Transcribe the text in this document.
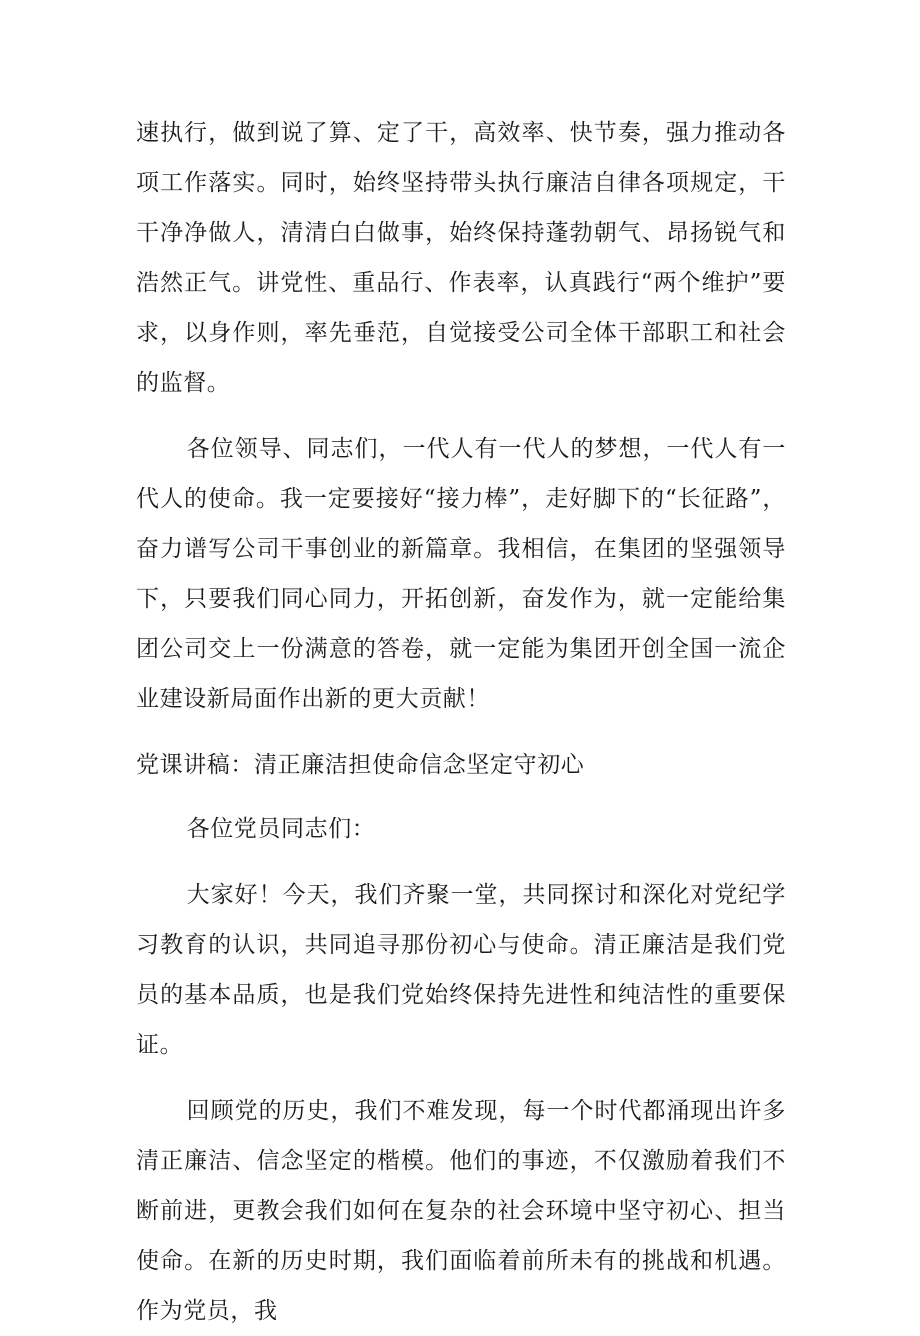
速执行，做到说了算、定了干，高效率、快节奏，强力推动各项工作落实。同时，始终坚持带头执行廉洁自律各项规定，干干净净做人，清清白白做事，始终保持蓬勃朝气、昂扬锐气和浩然正气。讲党性、重品行、作表率，认真践行“两个维护”要求，以身作则，率先垂范，自觉接受公司全体干部职工和社会的监督。

各位领导、同志们，一代人有一代人的梦想，一代人有一代人的使命。我一定要接好“接力棒”，走好脚下的“长征路”，奋力谱写公司干事创业的新篇章。我相信，在集团的坚强领导下，只要我们同心同力，开拓创新，奋发作为，就一定能给集团公司交上一份满意的答卷，就一定能为集团开创全国一流企业建设新局面作出新的更大贡献！

党课讲稿：清正廉洁担使命信念坚定守初心

各位党员同志们：

大家好！今天，我们齐聚一堂，共同探讨和深化对党纪学习教育的认识，共同追寻那份初心与使命。清正廉洁是我们党员的基本品质，也是我们党始终保持先进性和纯洁性的重要保证。

回顾党的历史，我们不难发现，每一个时代都涌现出许多清正廉洁、信念坚定的楷模。他们的事迹，不仅激励着我们不断前进，更教会我们如何在复杂的社会环境中坚守初心、担当使命。在新的历史时期，我们面临着前所未有的挑战和机遇。作为党员，我
